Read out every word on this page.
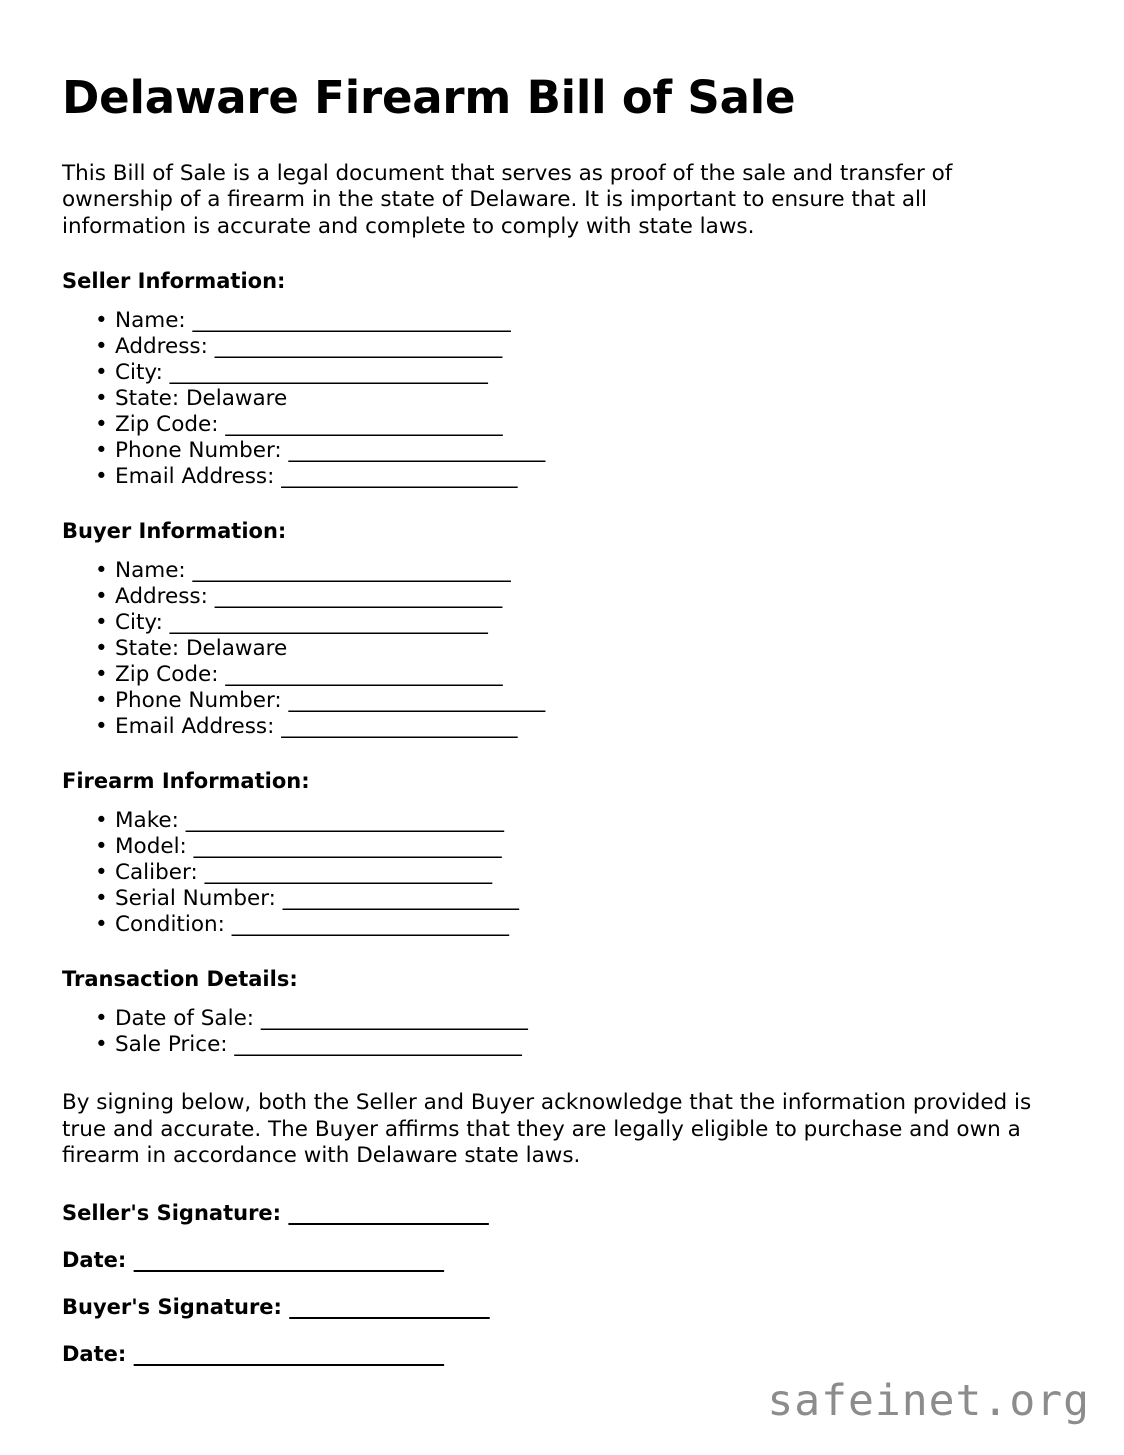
Delaware Firearm Bill of Sale

This Bill of Sale is a legal document that serves as proof of the sale and transfer of ownership of a firearm in the state of Delaware. It is important to ensure that all information is accurate and complete to comply with state laws.

Seller Information:
• Name: _______________________________
• Address: ____________________________
• City: _______________________________
• State: Delaware
• Zip Code: ___________________________
• Phone Number: _________________________
• Email Address: _______________________
Buyer Information:
• Name: _______________________________
• Address: ____________________________
• City: _______________________________
• State: Delaware
• Zip Code: ___________________________
• Phone Number: _________________________
• Email Address: _______________________
Firearm Information:
• Make: _______________________________
• Model: ______________________________
• Caliber: ____________________________
• Serial Number: _______________________
• Condition: ___________________________
Transaction Details:
• Date of Sale: __________________________
• Sale Price: ____________________________

By signing below, both the Seller and Buyer acknowledge that the information provided is true and accurate. The Buyer affirms that they are legally eligible to purchase and own a firearm in accordance with Delaware state laws.

Seller's Signature: ____________________
Date: _______________________________
Buyer's Signature: ____________________
Date: _______________________________
safeinet.org
